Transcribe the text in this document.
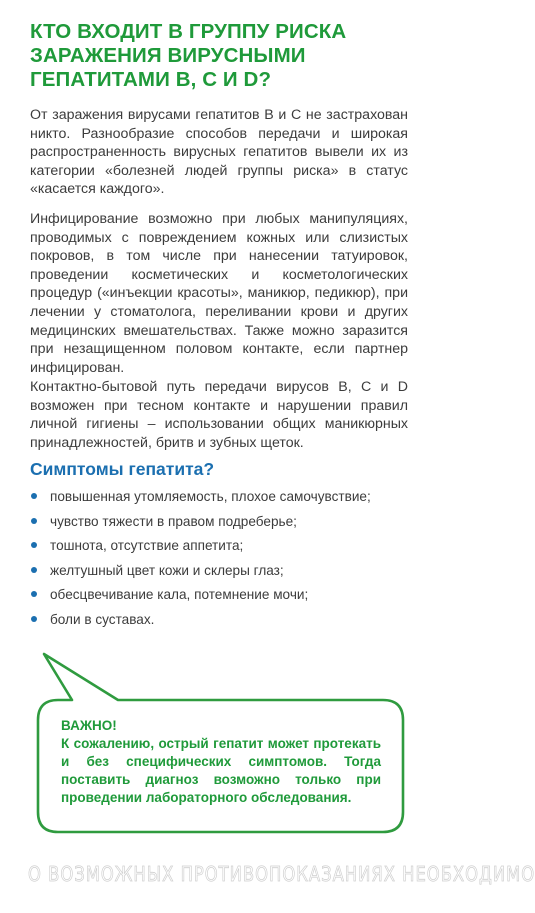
КТО ВХОДИТ В ГРУППУ РИСКА ЗАРАЖЕНИЯ ВИРУСНЫМИ ГЕПАТИТАМИ В, С И D?

От заражения вирусами гепатитов В и С не застрахован никто. Разнообразие способов передачи и широкая распространенность вирусных гепатитов вывели их из категории «болезней людей группы риска» в статус «касается каждого».

Инфицирование возможно при любых манипуляциях, проводимых с повреждением кожных или слизистых покровов, в том числе при нанесении татуировок, проведении косметических и косметологических процедур («инъекции красоты», маникюр, педикюр), при лечении у стоматолога, переливании крови и других медицинских вмешательствах. Также можно заразится при незащищенном половом контакте, если партнер инфицирован.

Контактно-бытовой путь передачи вирусов В, С и D возможен при тесном контакте и нарушении правил личной гигиены – использовании общих маникюрных принадлежностей, бритв и зубных щеток.

Симптомы гепатита?
повышенная утомляемость, плохое самочувствие;
чувство тяжести в правом подреберье;
тошнота, отсутствие аппетита;
желтушный цвет кожи и склеры глаз;
обесцвечивание кала, потемнение мочи;
боли в суставах.

ВАЖНО!

К сожалению, острый гепатит может протекать и без специфических симптомов. Тогда поставить диагноз возможно только при проведении лабораторного обследования.

О ВОЗМОЖНЫХ ПРОТИВОПОКАЗАНИЯХ НЕОБХОДИМО
